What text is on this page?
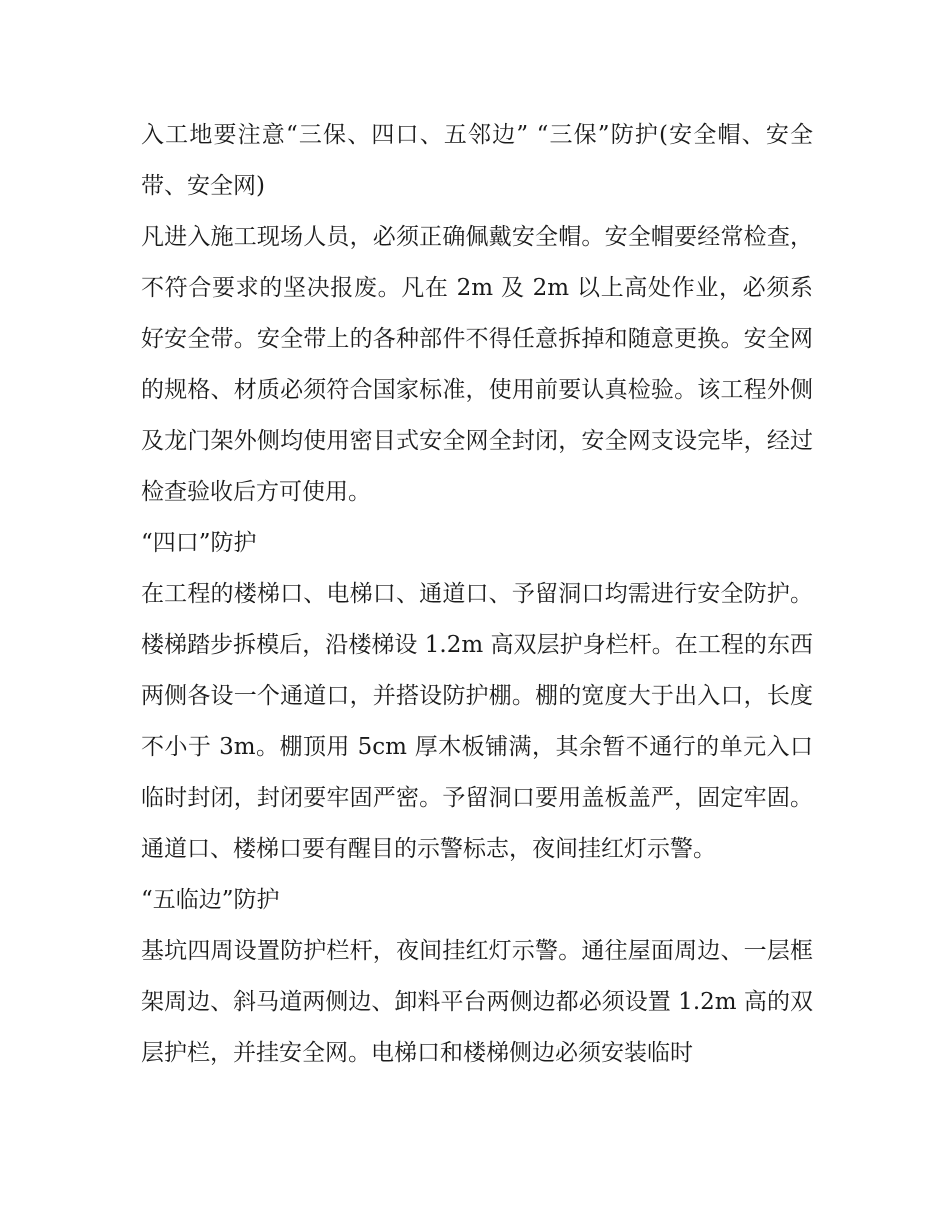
入工地要注意“三保、四口、五邻边” “三保”防护(安全帽、安全带、安全网)

凡进入施工现场人员，必须正确佩戴安全帽。安全帽要经常检查，不符合要求的坚决报废。凡在 2m 及 2m 以上高处作业，必须系好安全带。安全带上的各种部件不得任意拆掉和随意更换。安全网的规格、材质必须符合国家标准，使用前要认真检验。该工程外侧及龙门架外侧均使用密目式安全网全封闭，安全网支设完毕，经过检查验收后方可使用。

“四口”防护

在工程的楼梯口、电梯口、通道口、予留洞口均需进行安全防护。楼梯踏步拆模后，沿楼梯设 1.2m 高双层护身栏杆。在工程的东西两侧各设一个通道口，并搭设防护棚。棚的宽度大于出入口，长度不小于 3m。棚顶用 5cm 厚木板铺满，其余暂不通行的单元入口临时封闭，封闭要牢固严密。予留洞口要用盖板盖严，固定牢固。通道口、楼梯口要有醒目的示警标志，夜间挂红灯示警。

“五临边”防护

基坑四周设置防护栏杆，夜间挂红灯示警。通往屋面周边、一层框架周边、斜马道两侧边、卸料平台两侧边都必须设置 1.2m 高的双层护栏，并挂安全网。电梯口和楼梯侧边必须安装临时
